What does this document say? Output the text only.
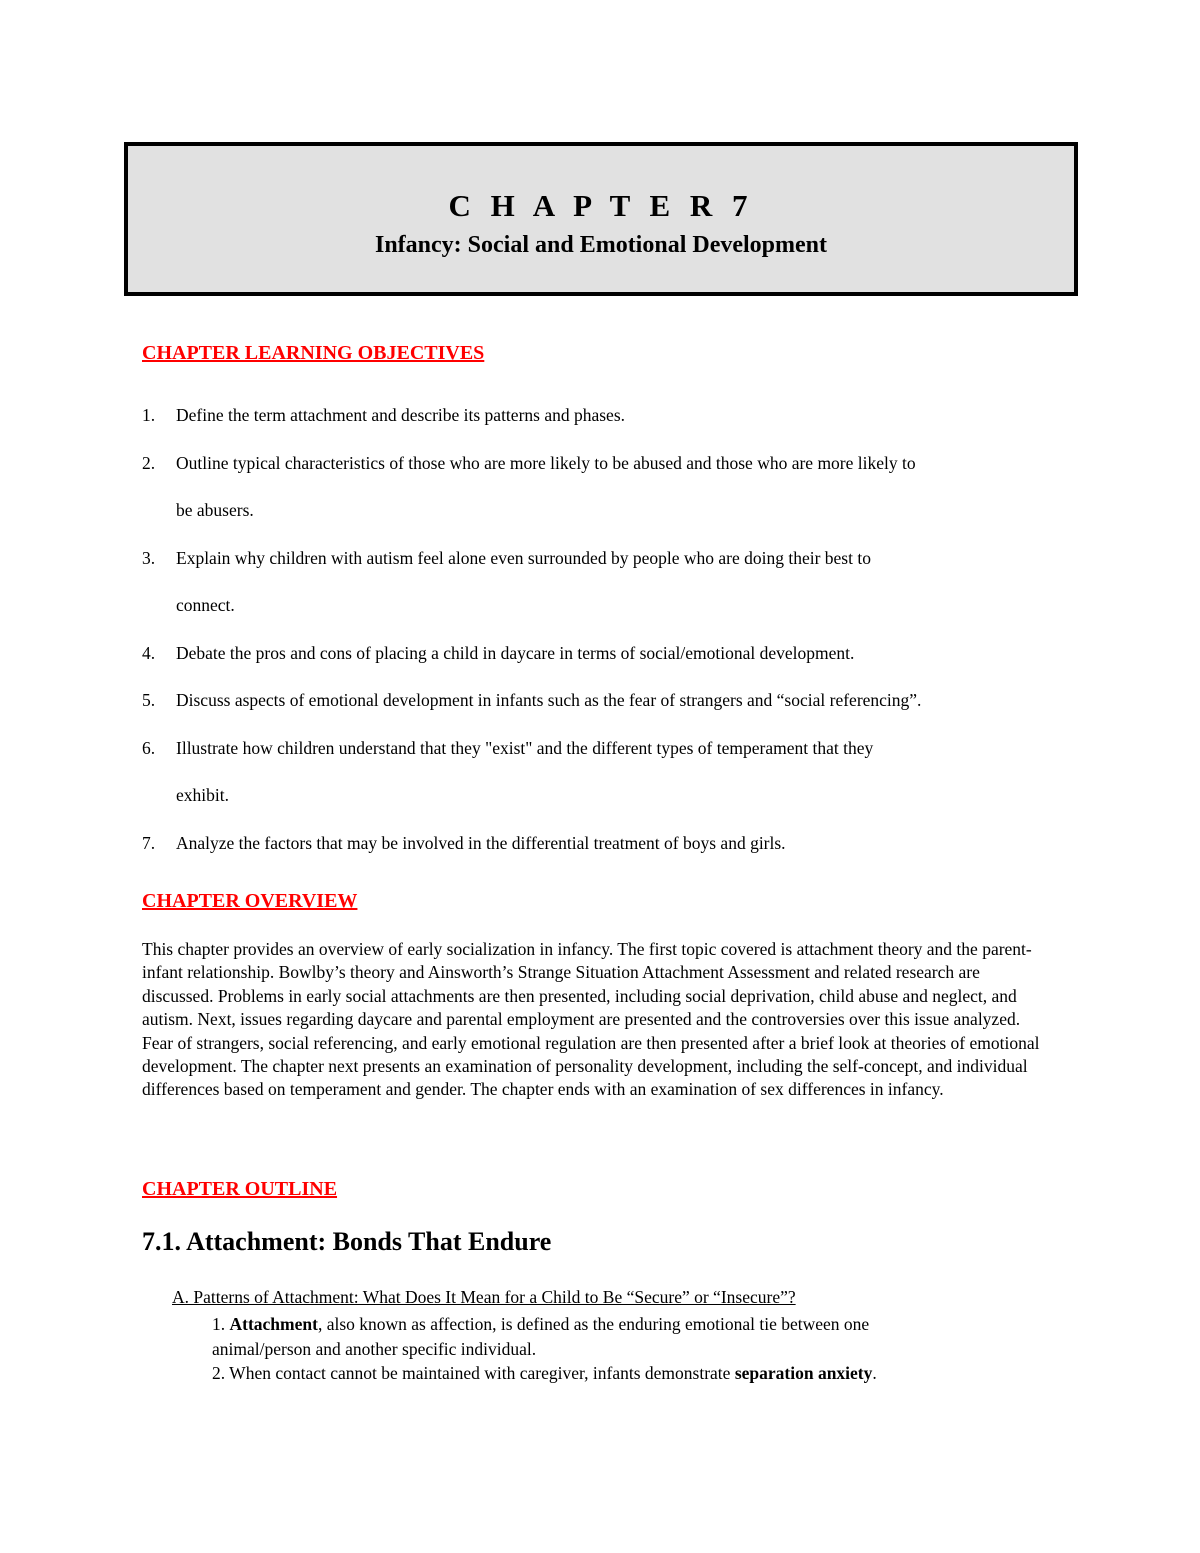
C H A P T E R 7
Infancy: Social and Emotional Development
CHAPTER LEARNING OBJECTIVES
1. Define the term attachment and describe its patterns and phases.
2. Outline typical characteristics of those who are more likely to be abused and those who are more likely to
be abusers.
3. Explain why children with autism feel alone even surrounded by people who are doing their best to
connect.
4. Debate the pros and cons of placing a child in daycare in terms of social/emotional development.
5. Discuss aspects of emotional development in infants such as the fear of strangers and “social referencing”.
6. Illustrate how children understand that they "exist" and the different types of temperament that they
exhibit.
7. Analyze the factors that may be involved in the differential treatment of boys and girls.
CHAPTER OVERVIEW

This chapter provides an overview of early socialization in infancy. The first topic covered is attachment theory and the parent-infant relationship. Bowlby’s theory and Ainsworth’s Strange Situation Attachment Assessment and related research are discussed. Problems in early social attachments are then presented, including social deprivation, child abuse and neglect, and autism. Next, issues regarding daycare and parental employment are presented and the controversies over this issue analyzed. Fear of strangers, social referencing, and early emotional regulation are then presented after a brief look at theories of emotional development. The chapter next presents an examination of personality development, including the self-concept, and individual differences based on temperament and gender. The chapter ends with an examination of sex differences in infancy.

CHAPTER OUTLINE
7.1. Attachment: Bonds That Endure
A. Patterns of Attachment: What Does It Mean for a Child to Be “Secure” or “Insecure”?

1. Attachment, also known as affection, is defined as the enduring emotional tie between one

animal/person and another specific individual.

2. When contact cannot be maintained with caregiver, infants demonstrate separation anxiety.
